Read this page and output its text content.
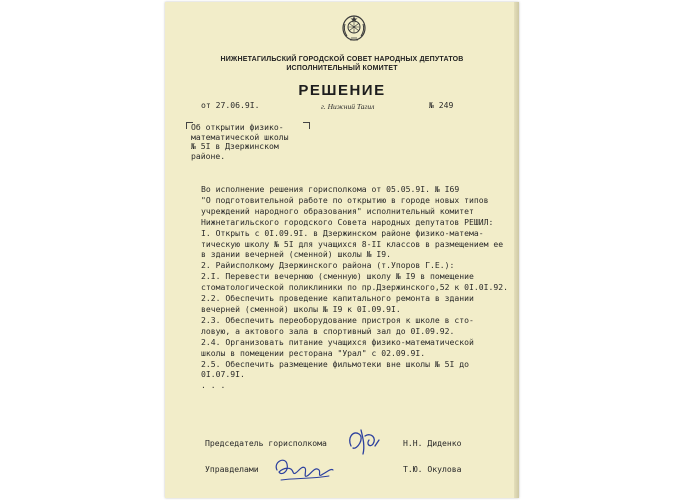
НИЖНЕТАГИЛЬСКИЙ ГОРОДСКОЙ СОВЕТ НАРОДНЫХ ДЕПУТАТОВ
ИСПОЛНИТЕЛЬНЫЙ КОМИТЕТ
РЕШЕНИЕ
от 27.06.9I.	г. Нижний Тагил	№ 249
Об открытии физико-
математической школы
№ 5I в Дзержинском
районе.
Во исполнение решения горисполкома от 05.05.9I. № I69
"О подготовительной работе по открытию в городе новых типов
учреждений народного образования" исполнительный комитет
Нижнетагильского городского Совета народных депутатов РЕШИЛ:
I. Открыть с 0I.09.9I. в Дзержинском районе физико-матема-
тическую школу № 5I для учащихся 8-II классов в размещением ее
в здании вечерней (сменной) школы № I9.
2. Райисполкому Дзержинского района (т.Упоров Г.Е.):
2.I. Перевести вечернюю (сменную) школу № I9 в помещение
стоматологической поликлиники по пр.Дзержинского,52 к 0I.0I.92.
2.2. Обеспечить проведение капитального ремонта в здании
вечерней (сменной) школы № I9 к 0I.09.9I.
2.3. Обеспечить переоборудование пристроя к школе в сто-
ловую, а актового зала в спортивный зал до 0I.09.92.
2.4. Организовать питание учащихся физико-математической
школы в помещении ресторана "Урал" с 02.09.9I.
2.5. Обеспечить размещение фильмотеки вне школы № 5I до
0I.07.9I.
. . .
Председатель горисполкома	Н.Н. Диденко
Управделами	Т.Ю. Окулова
